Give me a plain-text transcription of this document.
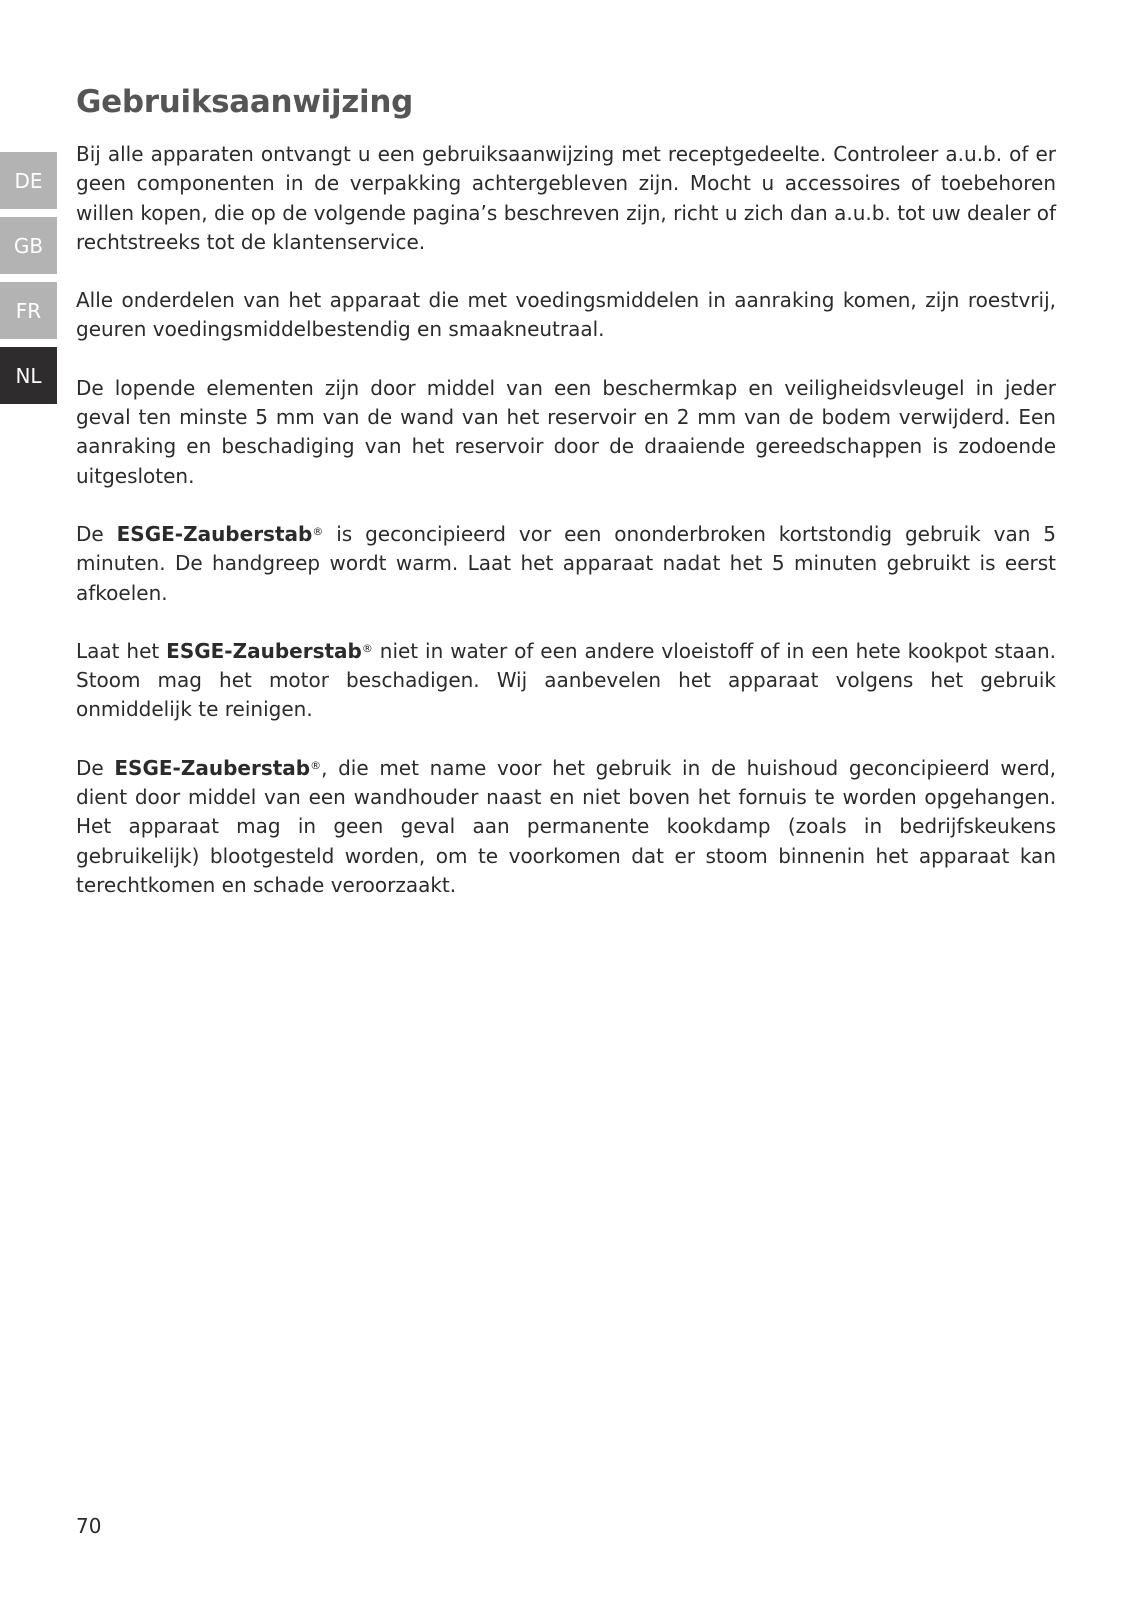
DE
GB
FR
NL
Gebruiksaanwijzing

Bij alle apparaten ontvangt u een gebruiksaanwijzing met receptgedeelte. Controleer a.u.b. of er geen componenten in de verpakking achtergebleven zijn. Mocht u accessoires of toebehoren willen kopen, die op de volgende pagina’s beschreven zijn, richt u zich dan a.u.b. tot uw dealer of rechtstreeks tot de klantenservice.

Alle onderdelen van het apparaat die met voedingsmiddelen in aanraking komen, zijn roestvrij, geuren voedingsmiddelbestendig en smaakneutraal.

De lopende elementen zijn door middel van een beschermkap en veiligheidsvleugel in jeder geval ten minste 5 mm van de wand van het reservoir en 2 mm van de bodem verwijderd. Een aanraking en beschadiging van het reservoir door de draaiende gereedschappen is zodoende uitgesloten.

De ESGE-Zauberstab® is geconcipieerd vor een ononderbroken kortstondig gebruik van 5 minuten. De handgreep wordt warm. Laat het apparaat nadat het 5 minuten gebruikt is eerst afkoelen.

Laat het ESGE-Zauberstab® niet in water of een andere vloeistoff of in een hete kookpot staan. Stoom mag het motor beschadigen. Wij aanbevelen het apparaat volgens het gebruik onmiddelijk te reinigen.

De ESGE-Zauberstab®, die met name voor het gebruik in de huishoud geconcipieerd werd, dient door middel van een wandhouder naast en niet boven het fornuis te worden opgehangen. Het apparaat mag in geen geval aan permanente kookdamp (zoals in bedrijfskeukens gebruikelijk) blootgesteld worden, om te voorkomen dat er stoom binnenin het apparaat kan terechtkomen en schade veroorzaakt.

70
